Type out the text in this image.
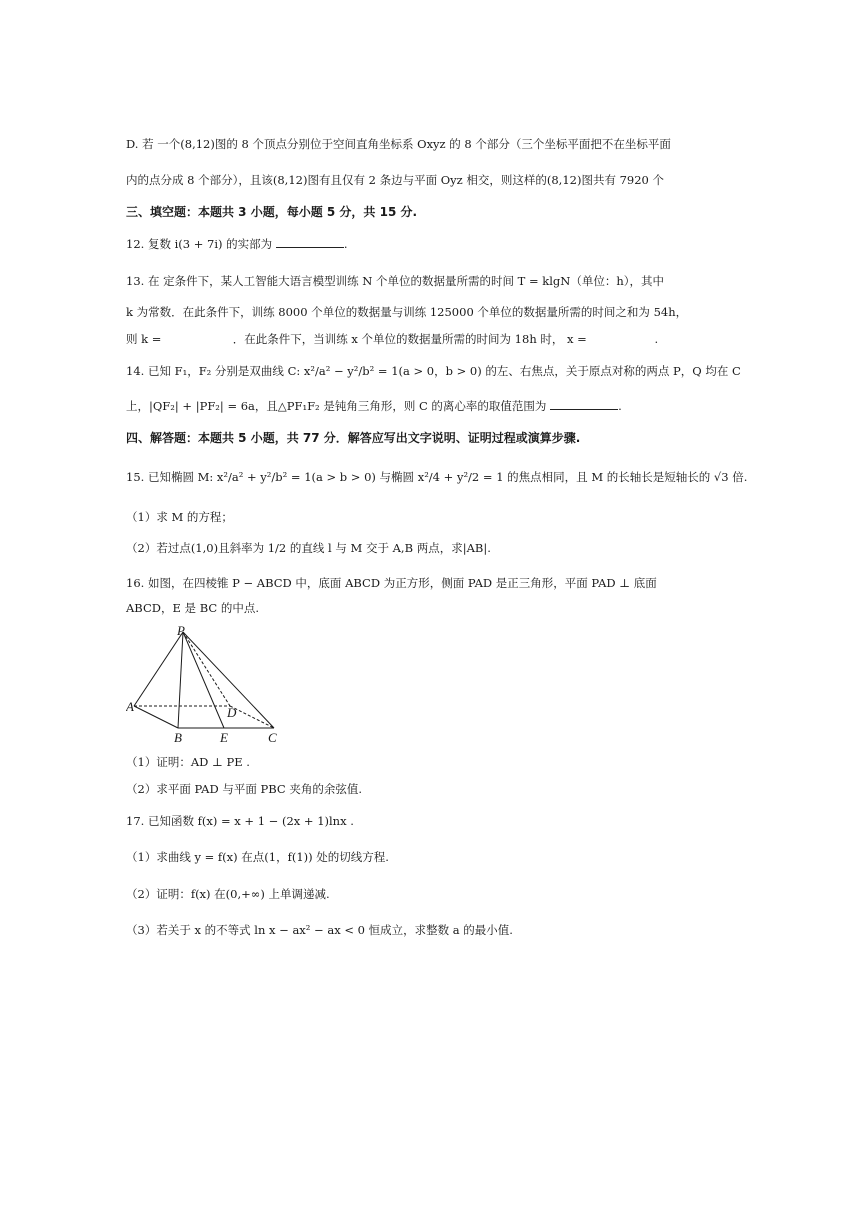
D. 若 一个(8,12)图的 8 个顶点分别位于空间直角坐标系 Oxyz 的 8 个部分（三个坐标平面把不在坐标平面
内的点分成 8 个部分），且该(8,12)图有且仅有 2 条边与平面 Oyz 相交，则这样的(8,12)图共有 7920 个
三、填空题：本题共 3 小题，每小题 5 分，共 15 分.
12. 复数 i(3 + 7i) 的实部为	.
13. 在 定条件下，某人工智能大语言模型训练 N 个单位的数据量所需的时间 T = klgN（单位：h），其中
k 为常数．在此条件下，训练 8000 个单位的数据量与训练 125000 个单位的数据量所需的时间之和为 54h，
则 k =	．在此条件下，当训练 x 个单位的数据量所需的时间为 18h 时， x =	.
14. 已知 F₁，F₂ 分别是双曲线 C: x²/a² − y²/b² = 1(a > 0，b > 0) 的左、右焦点，关于原点对称的两点 P，Q 均在 C
上，|QF₂| + |PF₂| = 6a，且△PF₁F₂ 是钝角三角形，则 C 的离心率的取值范围为	.
四、解答题：本题共 5 小题，共 77 分．解答应写出文字说明、证明过程或演算步骤.
15. 已知椭圆 M: x²/a² + y²/b² = 1(a > b > 0) 与椭圆 x²/4 + y²/2 = 1 的焦点相同，且 M 的长轴长是短轴长的 √3 倍.
（1）求 M 的方程；
（2）若过点(1,0)且斜率为 1/2 的直线 l 与 M 交于 A,B 两点，求|AB|.
16. 如图，在四棱锥 P − ABCD 中，底面 ABCD 为正方形，侧面 PAD 是正三角形，平面 PAD ⊥ 底面
ABCD，E 是 BC 的中点.
P
A	D
B	E	C
（1）证明：AD ⊥ PE .
（2）求平面 PAD 与平面 PBC 夹角的余弦值.
17. 已知函数 f(x) = x + 1 − (2x + 1)lnx .
（1）求曲线 y = f(x) 在点(1，f(1)) 处的切线方程.
（2）证明：f(x) 在(0,+∞) 上单调递减.
（3）若关于 x 的不等式 ln x − ax² − ax < 0 恒成立，求整数 a 的最小值.
